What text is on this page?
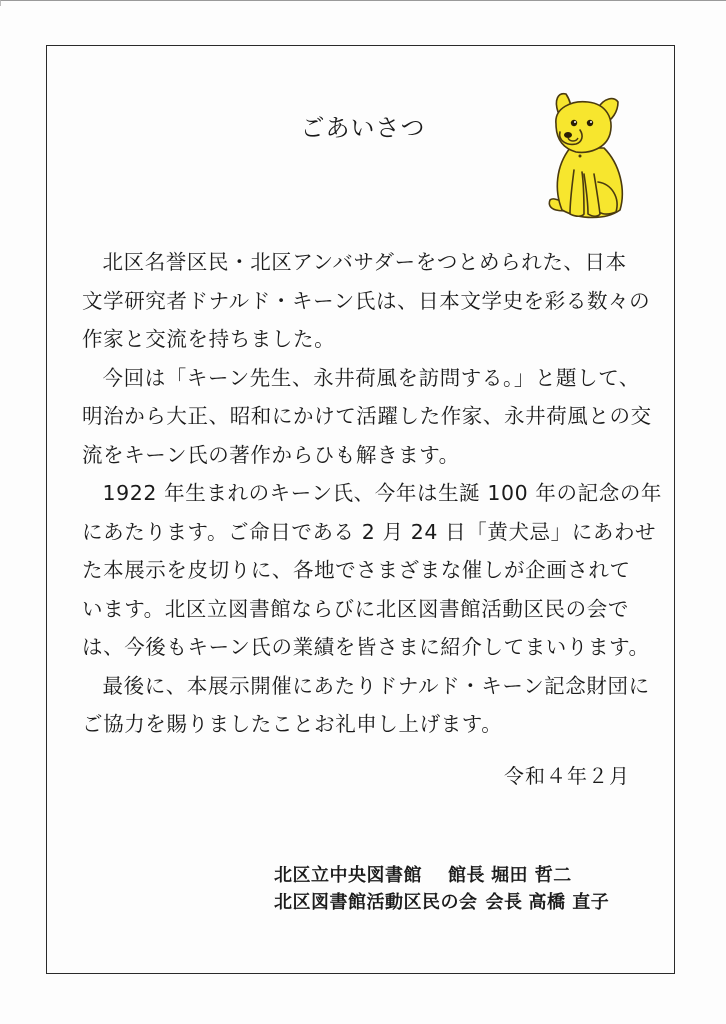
ごあいさつ

北区名誉区民・北区アンバサダーをつとめられた、日本
文学研究者ドナルド・キーン氏は、日本文学史を彩る数々の
作家と交流を持ちました。

今回は「キーン先生、永井荷風を訪問する。」と題して、
明治から大正、昭和にかけて活躍した作家、永井荷風との交
流をキーン氏の著作からひも解きます。

1922 年生まれのキーン氏、今年は生誕 100 年の記念の年
にあたります。ご命日である 2 月 24 日「黄犬忌」にあわせ
た本展示を皮切りに、各地でさまざまな催しが企画されて
います。北区立図書館ならびに北区図書館活動区民の会で
は、今後もキーン氏の業績を皆さまに紹介してまいります。

最後に、本展示開催にあたりドナルド・キーン記念財団に
ご協力を賜りましたことお礼申し上げます。

令和４年２月
北区立中央図書館 館長 堀田 哲二
北区図書館活動区民の会 会長 高橋 直子
